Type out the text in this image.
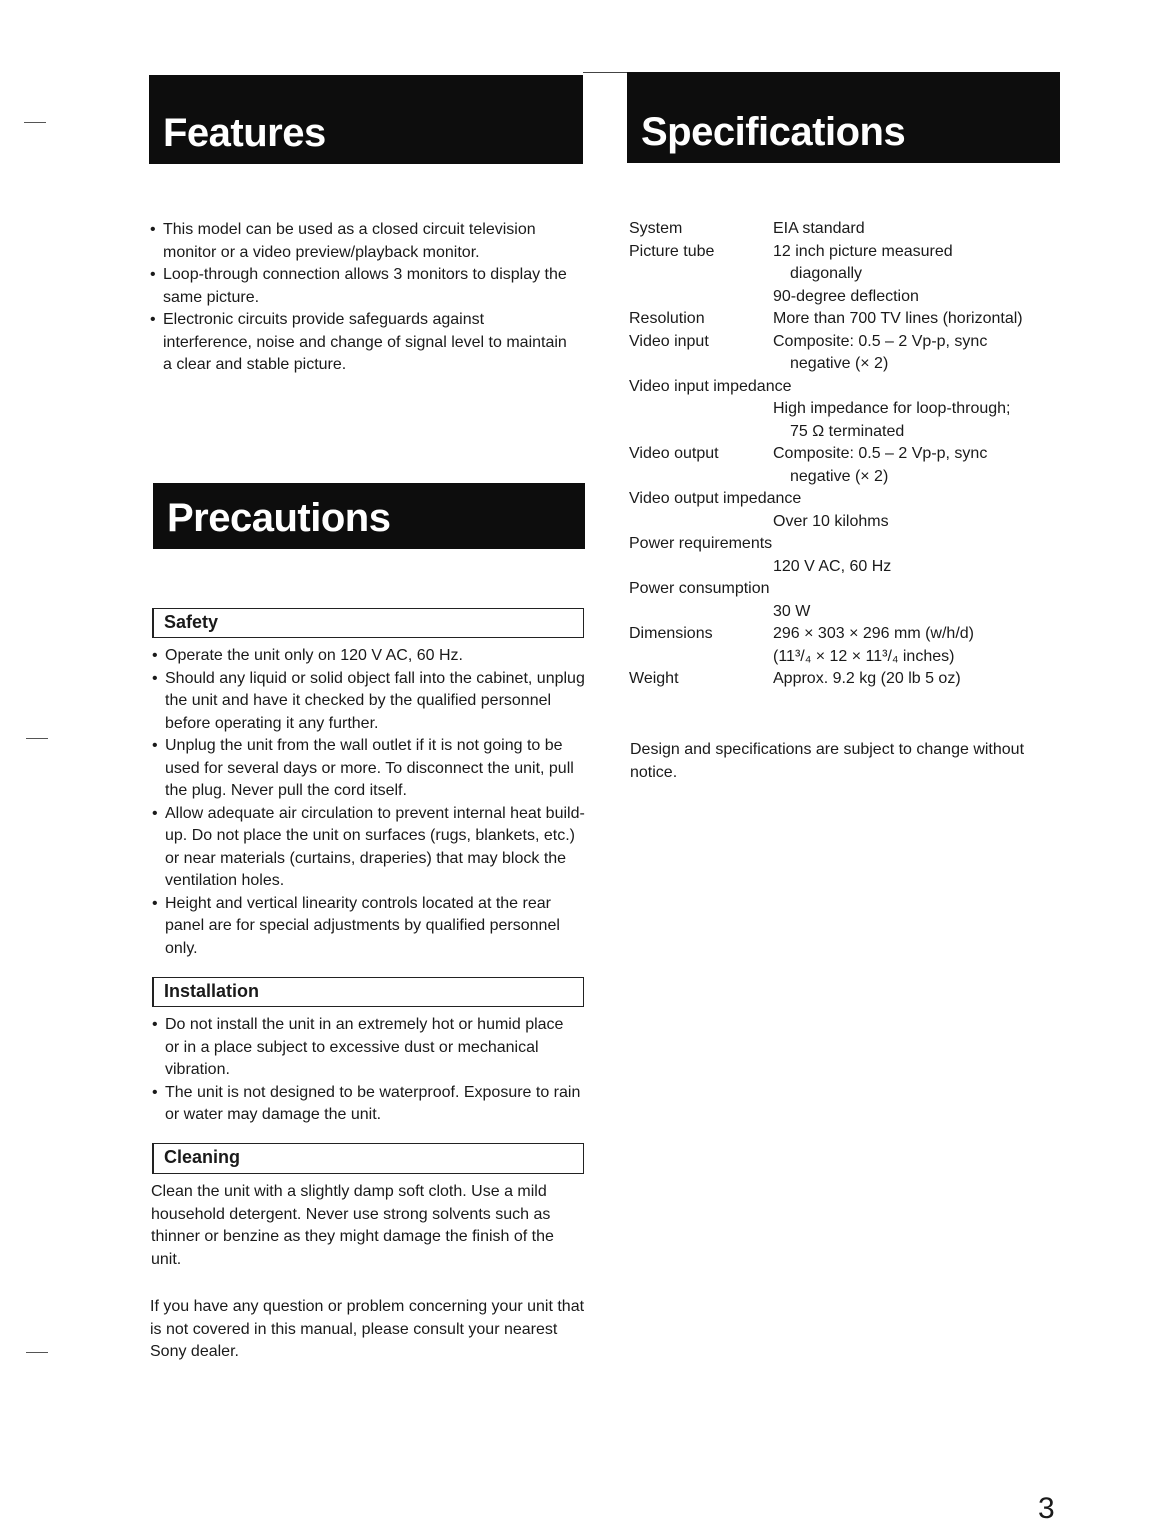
Features	Specifications
• This model can be used as a closed circuit television monitor or a video preview/playback monitor.
• Loop-through connection allows 3 monitors to display the same picture.
• Electronic circuits provide safeguards against interference, noise and change of signal level to maintain a clear and stable picture.
Precautions
Safety
• Operate the unit only on 120 V AC, 60 Hz.
• Should any liquid or solid object fall into the cabinet, unplug the unit and have it checked by the qualified personnel before operating it any further.
• Unplug the unit from the wall outlet if it is not going to be used for several days or more. To disconnect the unit, pull the plug. Never pull the cord itself.
• Allow adequate air circulation to prevent internal heat build-up. Do not place the unit on surfaces (rugs, blankets, etc.) or near materials (curtains, draperies) that may block the ventilation holes.
• Height and vertical linearity controls located at the rear panel are for special adjustments by qualified personnel only.
Installation
• Do not install the unit in an extremely hot or humid place or in a place subject to excessive dust or mechanical vibration.
• The unit is not designed to be waterproof. Exposure to rain or water may damage the unit.
Cleaning
Clean the unit with a slightly damp soft cloth. Use a mild household detergent. Never use strong solvents such as thinner or benzine as they might damage the finish of the unit.
If you have any question or problem concerning your unit that is not covered in this manual, please consult your nearest Sony dealer.
System	EIA standard
Picture tube	12 inch picture measured
diagonally
90-degree deflection
Resolution	More than 700 TV lines (horizontal)
Video input	Composite: 0.5 – 2 Vp-p, sync
negative (× 2)
Video input impedance
High impedance for loop-through;
75 Ω terminated
Video output	Composite: 0.5 – 2 Vp-p, sync
negative (× 2)
Video output impedance
Over 10 kilohms
Power requirements
120 V AC, 60 Hz
Power consumption
30 W
Dimensions	296 × 303 × 296 mm (w/h/d)
(11³/₄ × 12 × 11³/₄ inches)
Weight	Approx. 9.2 kg (20 lb 5 oz)
Design and specifications are subject to change without notice.
3
